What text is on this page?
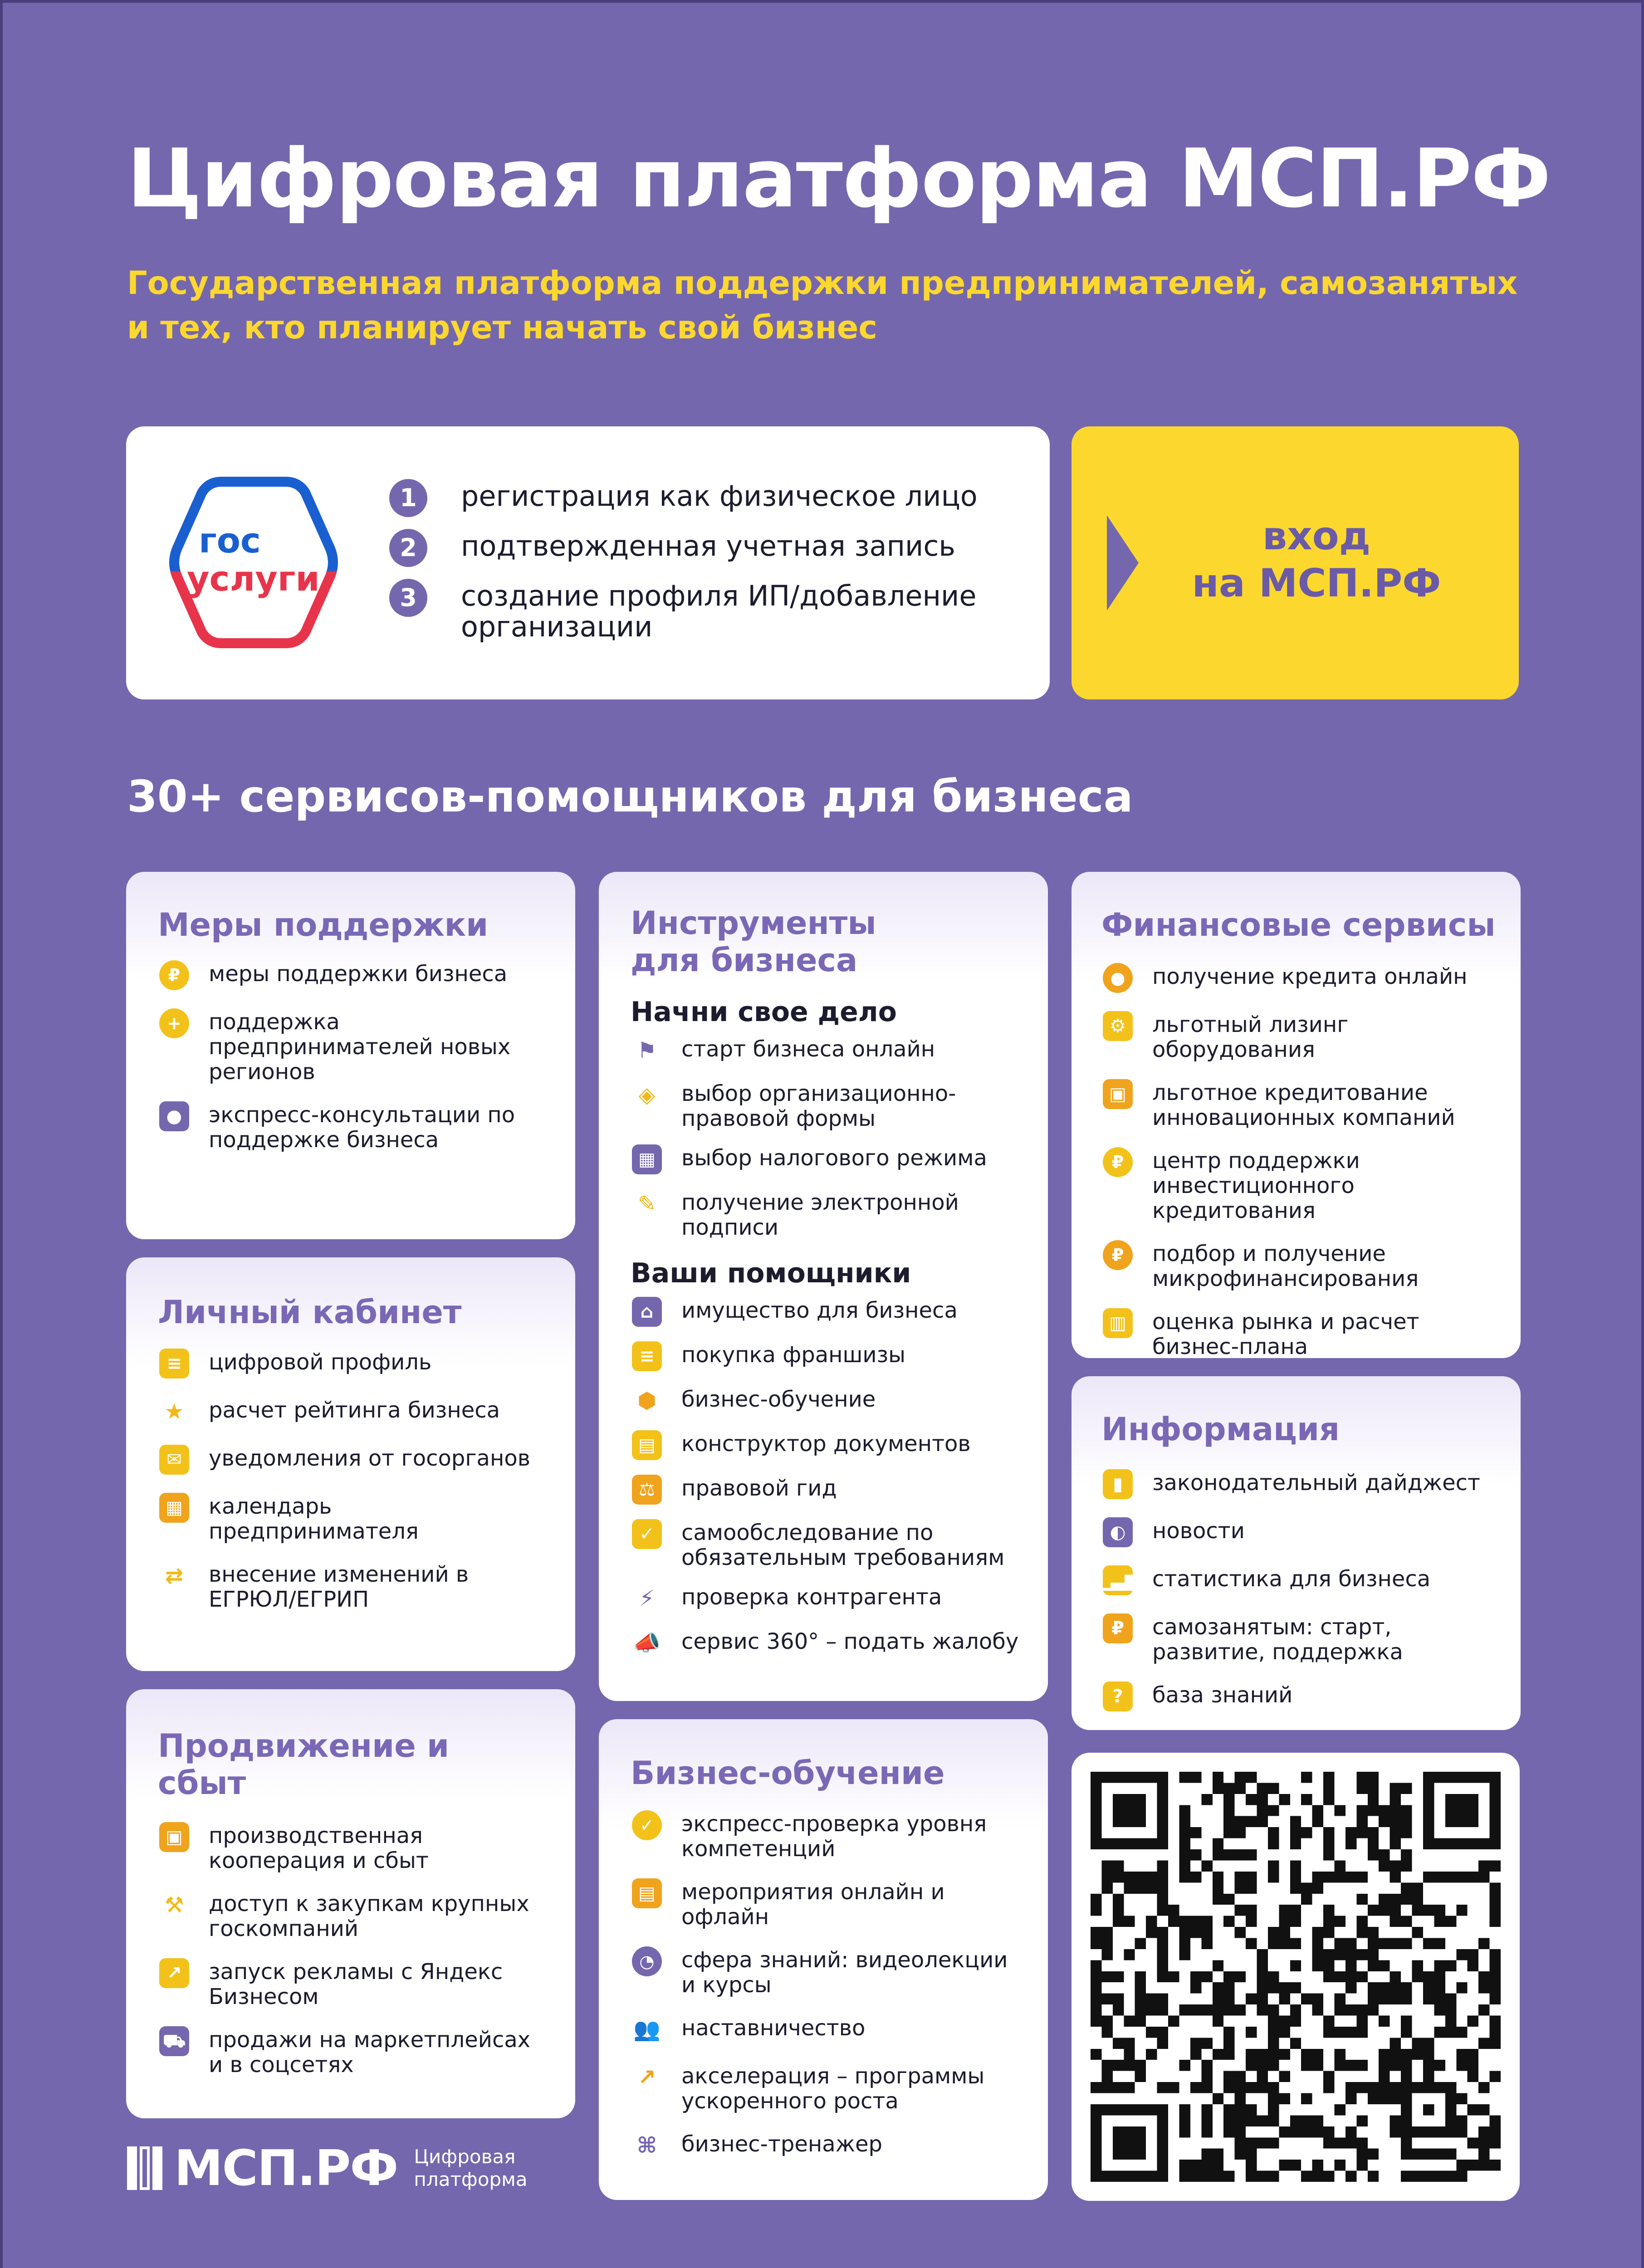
Цифровая платформа МСП.РФ
Государственная платформа поддержки предпринимателей, самозанятых и тех, кто планирует начать свой бизнес
гос
услуги
1	регистрация как физическое лицо
2	подтвержденная учетная запись
3	создание профиля ИП/добавление организации
вход
на МСП.РФ
30+ сервисов-помощников для бизнеса
Меры поддержки
₽	меры поддержки бизнеса
+	поддержка предпринимателей новых регионов
●	экспресс-консультации по поддержке бизнеса
Личный кабинет
≡	цифровой профиль
★	расчет рейтинга бизнеса
✉	уведомления от госорганов
▦ календарь предпринимателя
⇄	внесение изменений в ЕГРЮЛ/ЕГРИП
Продвижение и сбыт
▣ производственная кооперация и сбыт
⚒	доступ к закупкам крупных госкомпаний
↗	запуск рекламы с Яндекс Бизнесом
⛟ продажи на маркетплейсах и в соцсетях
Инструменты для бизнеса
Начни свое дело
⚑	старт бизнеса онлайн
◈	выбор организационно-правовой формы
▦ выбор налогового режима
✎	получение электронной подписи
Ваши помощники
⌂	имущество для бизнеса
≡	покупка франшизы
⬢	бизнес-обучение
▤ конструктор документов
⚖	правовой гид
✓	самообследование по обязательным требованиям
⚡	проверка контрагента
📣 сервис 360° – подать жалобу
Бизнес-обучение
✓	экспресс-проверка уровня компетенций
▤ мероприятия онлайн и офлайн
◔	сфера знаний: видеолекции и курсы
👥 наставничество
↗	акселерация – программы ускоренного роста
⌘ бизнес-тренажер
Финансовые сервисы
●	получение кредита онлайн
⚙	льготный лизинг оборудования
▣ льготное кредитование инновационных компаний
₽	центр поддержки инвестиционного кредитования
₽	подбор и получение микрофинансирования
▥ оценка рынка и расчет бизнес-плана
Информация
▮	законодательный дайджест
◐	новости
▁▃▆ статистика для бизнеса
₽	самозанятым: старт, развитие, поддержка
?	база знаний
МСП.РФ Цифровая платформа
